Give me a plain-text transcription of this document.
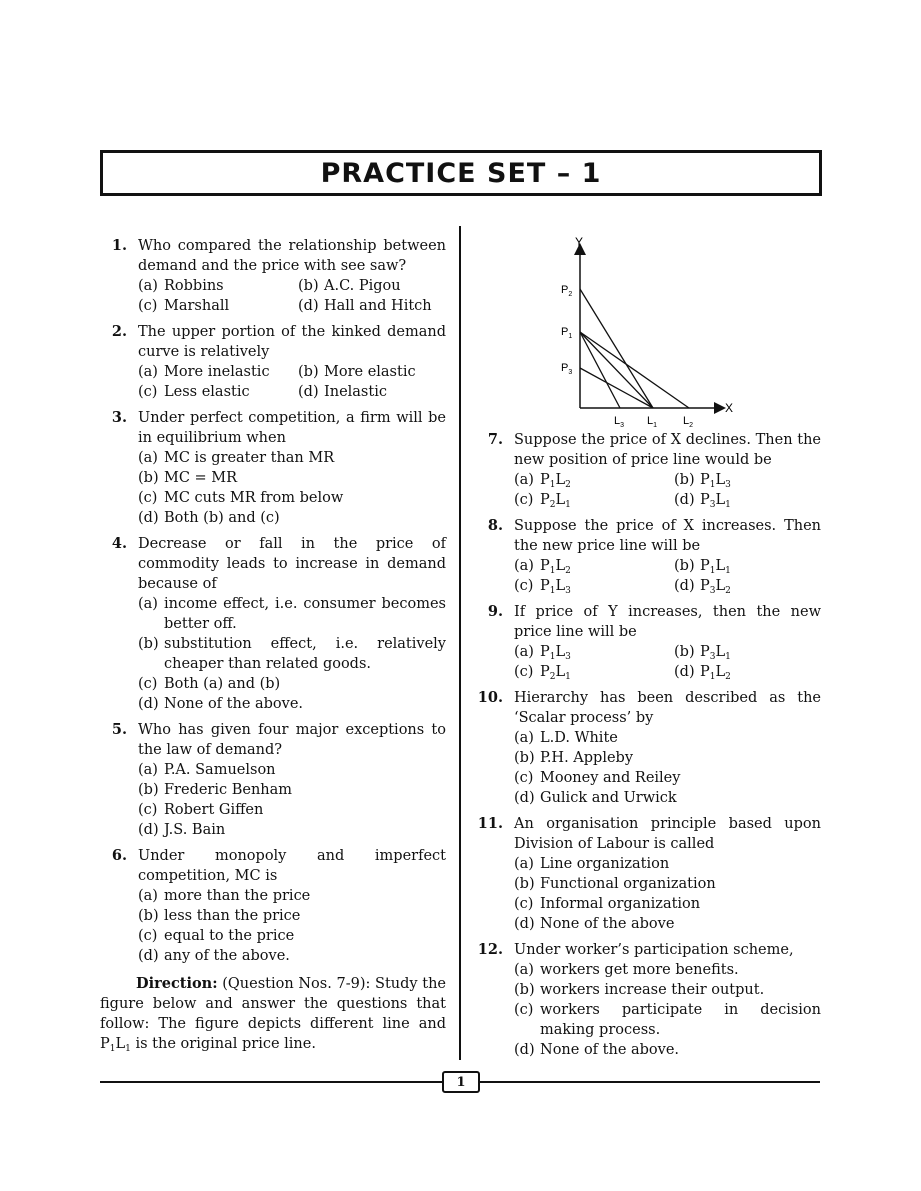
PRACTICE SET – 1
1. Who compared the relationship between demand and the price with see saw?
(a) Robbins	(b) A.C. Pigou
(c) Marshall	(d) Hall and Hitch
2. The upper portion of the kinked demand curve is relatively
(a) More inelastic	(b) More elastic
(c) Less elastic	(d) Inelastic
3. Under perfect competition, a firm will be in equilibrium when
(a) MC is greater than MR
(b) MC = MR
(c) MC cuts MR from below
(d) Both (b) and (c)
4. Decrease or fall in the price of commodity leads to increase in demand because of
(a) income effect, i.e. consumer becomes better off.
(b) substitution effect, i.e. relatively cheaper than related goods.
(c) Both (a) and (b)
(d) None of the above.
5. Who has given four major exceptions to the law of demand?
(a) P.A. Samuelson
(b) Frederic Benham
(c) Robert Giffen
(d) J.S. Bain
6. Under monopoly and imperfect competition, MC is
(a) more than the price
(b) less than the price
(c) equal to the price
(d) any of the above.
Direction: (Question Nos. 7-9): Study the figure below and answer the questions that follow: The figure depicts different line and $P_1L_1$ is the original price line.
Y
X
$P_2$
$P_1$
$P_3$
$L_3$ $L_1$ $L_2$
7. Suppose the price of X declines. Then the new position of price line would be
(a) $P_1L_2$	(b) $P_1L_3$
(c) $P_2L_1$	(d) $P_3L_1$
8. Suppose the price of X increases. Then the new price line will be
(a) $P_1L_2$	(b) $P_1L_1$
(c) $P_1L_3$	(d) $P_3L_2$
9. If price of Y increases, then the new price line will be
(a) $P_1L_3$	(b) $P_3L_1$
(c) $P_2L_1$	(d) $P_1L_2$
10. Hierarchy has been described as the ‘Scalar process’ by
(a) L.D. White
(b) P.H. Appleby
(c) Mooney and Reiley
(d) Gulick and Urwick
11. An organisation principle based upon Division of Labour is called
(a) Line organization
(b) Functional organization
(c) Informal organization
(d) None of the above
12. Under worker’s participation scheme,
(a) workers get more benefits.
(b) workers increase their output.
(c) workers participate in decision making process.
(d) None of the above.
1
